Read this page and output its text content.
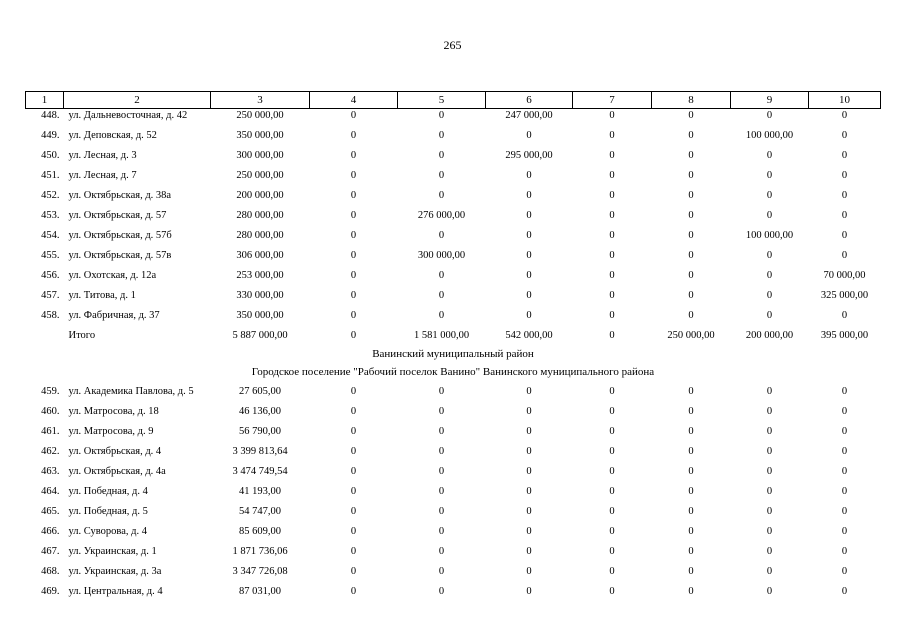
265
1	2	3	4	5	6	7	8	9	10
448.	ул. Дальневосточная, д. 42	250 000,00	0	0	247 000,00	0	0	0	0
449.	ул. Деповская, д. 52	350 000,00	0	0	0	0	0	100 000,00	0
450.	ул. Лесная, д. 3	300 000,00	0	0	295 000,00	0	0	0	0
451.	ул. Лесная, д. 7	250 000,00	0	0	0	0	0	0	0
452.	ул. Октябрьская, д. 38а	200 000,00	0	0	0	0	0	0	0
453.	ул. Октябрьская, д. 57	280 000,00	0	276 000,00	0	0	0	0	0
454.	ул. Октябрьская, д. 57б	280 000,00	0	0	0	0	0	100 000,00	0
455.	ул. Октябрьская, д. 57в	306 000,00	0	300 000,00	0	0	0	0	0
456.	ул. Охотская, д. 12а	253 000,00	0	0	0	0	0	0	70 000,00
457.	ул. Титова, д. 1	330 000,00	0	0	0	0	0	0	325 000,00
458.	ул. Фабричная, д. 37	350 000,00	0	0	0	0	0	0	0
	Итого	5 887 000,00	0	1 581 000,00	542 000,00	0	250 000,00	200 000,00	395 000,00
Ванинский муниципальный район									
Городское поселение "Рабочий поселок Ванино" Ванинского муниципального района									
459.	ул. Академика Павлова, д. 5	27 605,00	0	0	0	0	0	0	0
460.	ул. Матросова, д. 18	46 136,00	0	0	0	0	0	0	0
461.	ул. Матросова, д. 9	56 790,00	0	0	0	0	0	0	0
462.	ул. Октябрьская, д. 4	3 399 813,64	0	0	0	0	0	0	0
463.	ул. Октябрьская, д. 4а	3 474 749,54	0	0	0	0	0	0	0
464.	ул. Победная, д. 4	41 193,00	0	0	0	0	0	0	0
465.	ул. Победная, д. 5	54 747,00	0	0	0	0	0	0	0
466.	ул. Суворова, д. 4	85 609,00	0	0	0	0	0	0	0
467.	ул. Украинская, д. 1	1 871 736,06	0	0	0	0	0	0	0
468.	ул. Украинская, д. 3а	3 347 726,08	0	0	0	0	0	0	0
469.	ул. Центральная, д. 4	87 031,00	0	0	0	0	0	0	0
